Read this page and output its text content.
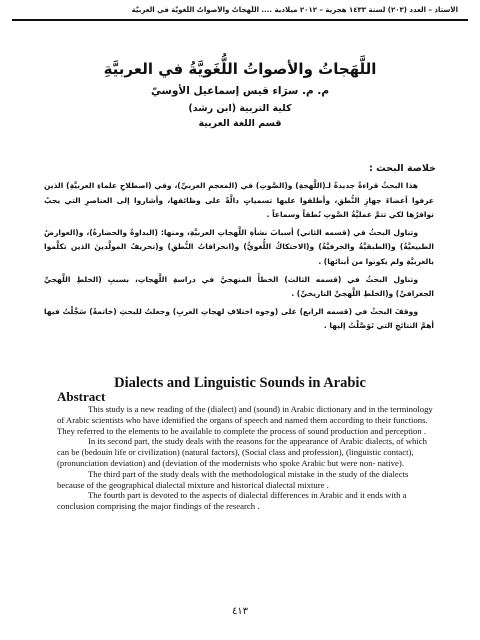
الأستاذ – العدد (٢٠٣) لسنة ١٤٣٣ هجرية – ٢٠١٢ ميلادية .... اللَّهجاتُ والأصواتُ اللُّغويَّة في العربيَّة
اللَّهَجاتُ والأصواتُ اللُّغَويَّةُ في العربيَّةِ
م. م. سرَاء قيس إسماعيل الأوسيّ
كلية التربية (ابن رشد)
قسم اللغة العربية
خلاصة البحث :

هذا البحثُ قراءةٌ جديدةٌ لـ(اللَّهجةِ) و(الصَّوتِ) في (المعجمِ العربيِّ)، وفي (اصطلاحِ علماءِ العربيَّةِ) الذين عرفوا أعضاءَ جهازِ النُّطقِ، وأطلقوا عليها تسمياتٍ دالَّةً على وظائفها، وأشاروا إلى العناصرِ التي يجبُ توافرُها لكي تتمَّ عمليَّةُ الصَّوتِ نُطقاً وسماعاً .

وتناول البحثُ في (قسمه الثاني) أسبابَ نشأةِ اللَّهجاتِ العربيَّةِ، ومنها: (البداوةُ والحضارةُ)، و(العوارضُ الطبيعيَّةُ) و(الطبقيَّةُ والحرفيَّةُ) و(الاحتكاكُ اللُّغويُّ) و(انحرافاتُ النُّطقِ) و(تحريفُ المولَّدينَ الذين تكلَّموا بالعربيَّةِ ولم يكونوا من أبنائها) .

وتناول البحثُ في (قسمه الثالث) الخطأَ المنهجيَّ في دراسةِ اللَّهجاتِ، بسببِ (الخلطِ اللَّهجيِّ الجغرافيِّ) و(الخلطِ اللَّهجيِّ التاريخيِّ) .

ووقفَ البحثُ في (قسمه الرابع) على (وجوه اختلافِ لهجاتِ العربِ) وجعلتُ للبحثِ (خاتمةً) سَجَّلْتُ فيها أهمَّ النتائجِ التي تَوَصَّلْتُ إليها .

Dialects and Linguistic Sounds in Arabic
Abstract

This study is a new reading of the (dialect) and (sound) in Arabic dictionary and in the terminology of Arabic scientists who have identified the organs of speech and named them according to their functions. They referred to the elements to be available to complete the process of sound production and perception .

In its second part, the study deals with the reasons for the appearance of Arabic dialects, of which can be (bedouin life or civilization) (natural factors), (Social class and profession), (linguistic contact), (pronunciation deviation) and (deviation of the modernists who spoke Arabic but were non- native).

The third part of the study deals with the methodological mistake in the study of the dialects because of the geographical dialectal mixture and historical dialectal mixture .

The fourth part is devoted to the aspects of dialectal differences in Arabic and it ends with a conclusion comprising the major findings of the research .

٤١٣
